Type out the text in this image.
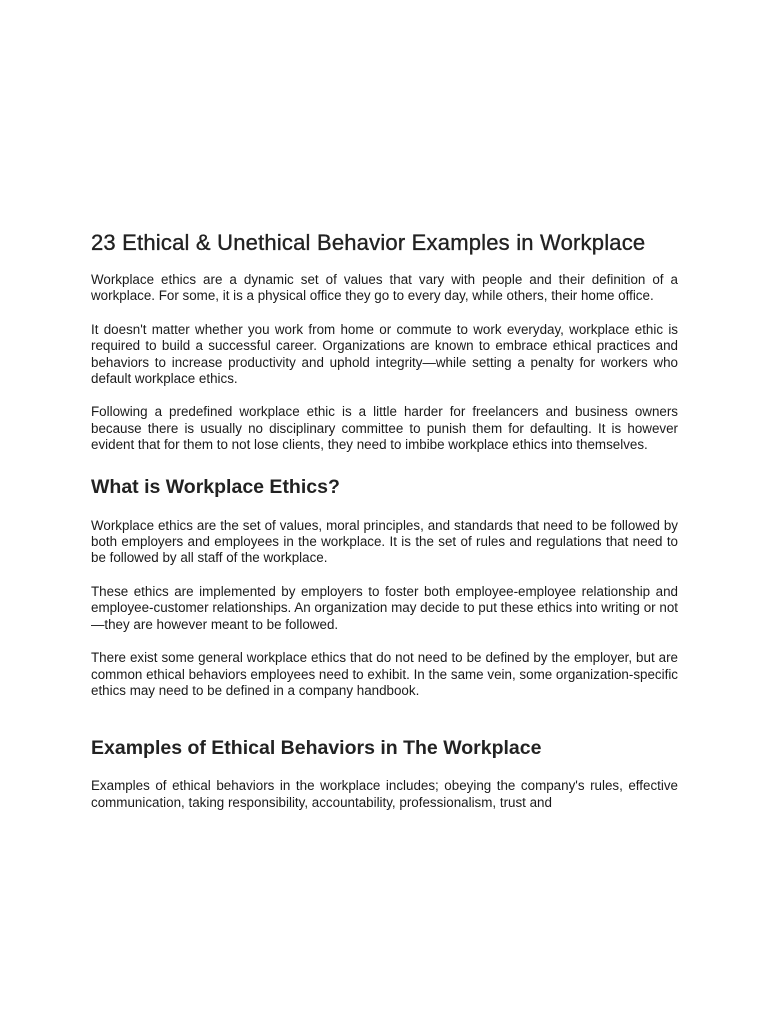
23 Ethical & Unethical Behavior Examples in Workplace

Workplace ethics are a dynamic set of values that vary with people and their definition of a workplace. For some, it is a physical office they go to every day, while others, their home office.

It doesn't matter whether you work from home or commute to work everyday, workplace ethic is required to build a successful career. Organizations are known to embrace ethical practices and behaviors to increase productivity and uphold integrity—while setting a penalty for workers who default workplace ethics.

Following a predefined workplace ethic is a little harder for freelancers and business owners because there is usually no disciplinary committee to punish them for defaulting. It is however evident that for them to not lose clients, they need to imbibe workplace ethics into themselves.

What is Workplace Ethics?

Workplace ethics are the set of values, moral principles, and standards that need to be followed by both employers and employees in the workplace. It is the set of rules and regulations that need to be followed by all staff of the workplace.

These ethics are implemented by employers to foster both employee-employee relationship and employee-customer relationships. An organization may decide to put these ethics into writing or not—they are however meant to be followed.

There exist some general workplace ethics that do not need to be defined by the employer, but are common ethical behaviors employees need to exhibit. In the same vein, some organization-specific ethics may need to be defined in a company handbook.

Examples of Ethical Behaviors in The Workplace

Examples of ethical behaviors in the workplace includes; obeying the company's rules, effective communication, taking responsibility, accountability, professionalism, trust and
